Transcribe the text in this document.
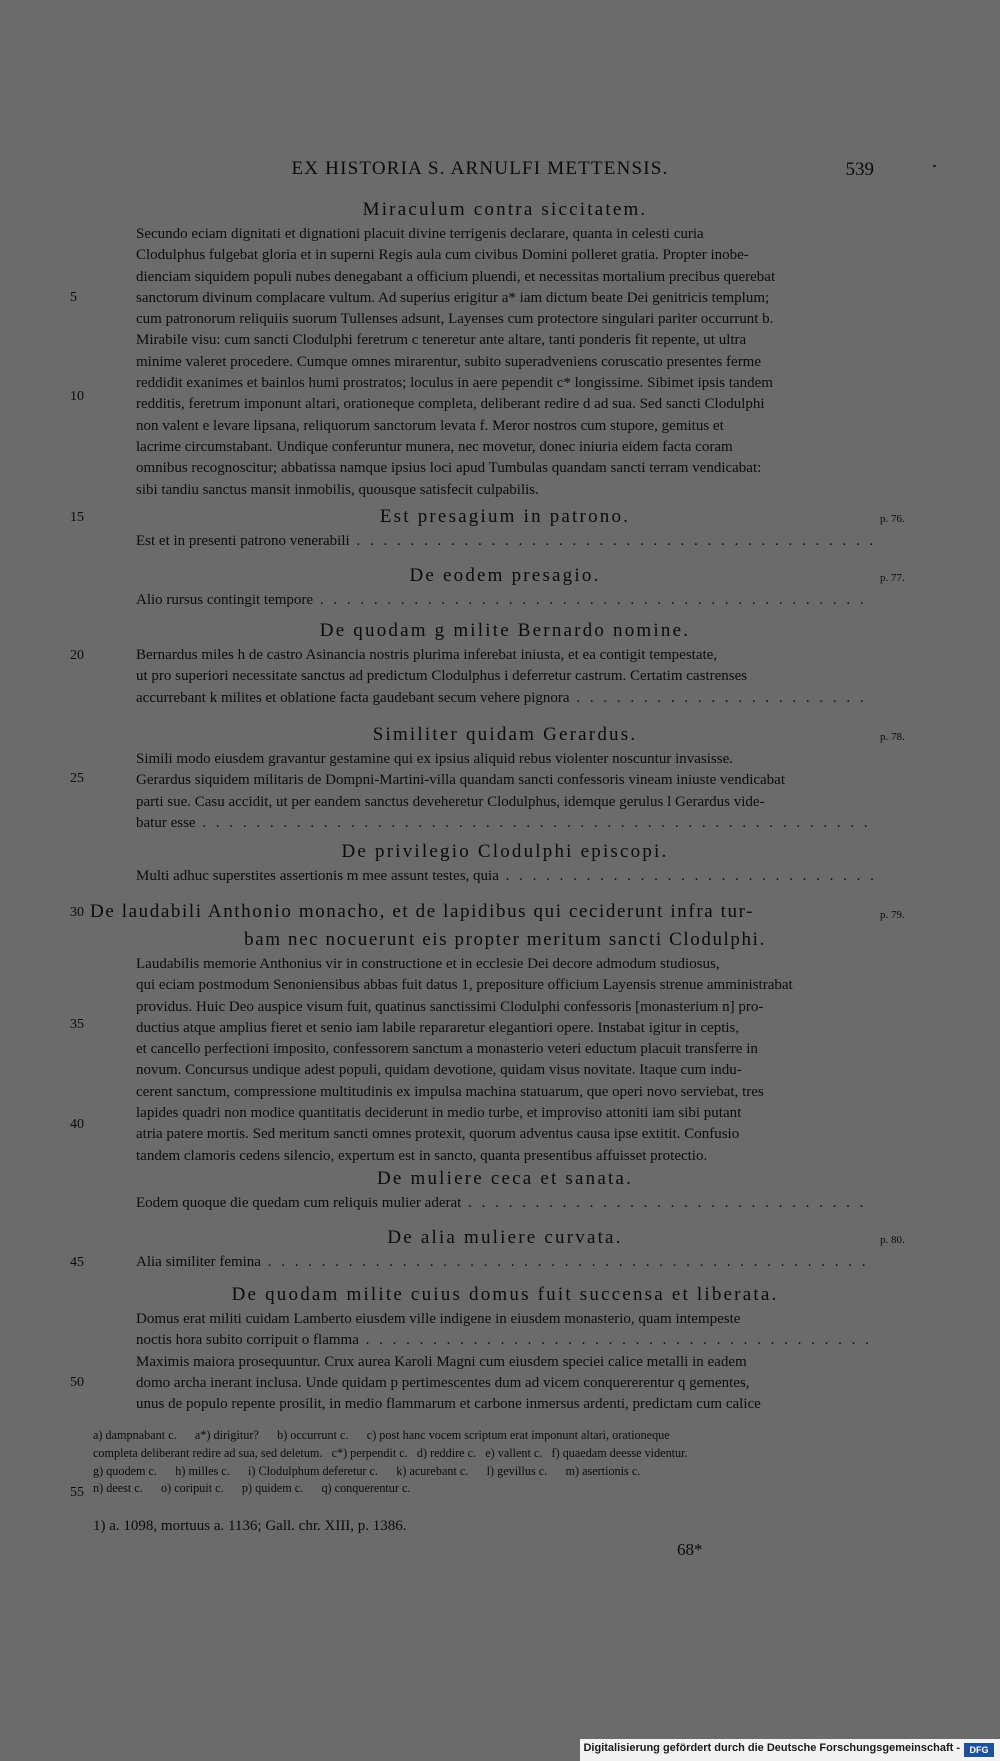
EX HISTORIA S. ARNULFI METTENSIS.	539
Miraculum contra siccitatem.
Secundo eciam dignitati et dignationi placuit divine terrigenis declarare, quanta in celesti curia
Clodulphus fulgebat gloria et in superni Regis aula cum civibus Domini polleret gratia. Propter inobe-
dienciam siquidem populi nubes denegabant a officium pluendi, et necessitas mortalium precibus querebat
sanctorum divinum complacare vultum. Ad superius erigitur a* iam dictum beate Dei genitricis templum;
cum patronorum reliquiis suorum Tullenses adsunt, Layenses cum protectore singulari pariter occurrunt b.
Mirabile visu: cum sancti Clodulphi feretrum c teneretur ante altare, tanti ponderis fit repente, ut ultra
minime valeret procedere. Cumque omnes mirarentur, subito superadveniens coruscatio presentes ferme
reddidit exanimes et bainlos humi prostratos; loculus in aere pependit c* longissime. Sibimet ipsis tandem
redditis, feretrum imponunt altari, orationeque completa, deliberant redire d ad sua. Sed sancti Clodulphi
non valent e levare lipsana, reliquorum sanctorum levata f. Meror nostros cum stupore, gemitus et
lacrime circumstabant. Undique conferuntur munera, nec movetur, donec iniuria eidem facta coram
omnibus recognoscitur; abbatissa namque ipsius loci apud Tumbulas quandam sancti terram vendicabat:
sibi tandiu sanctus mansit inmobilis, quousque satisfecit culpabilis.
Est presagium in patrono.
Est et in presenti patrono venerabili . . .
p. 76.
De eodem presagio.
Alio rursus contingit tempore . . .
p. 77.
De quodam g milite Bernardo nomine.
Bernardus miles h de castro Asinancia nostris plurima inferebat iniusta, et ea contigit tempestate,
ut pro superiori necessitate sanctus ad predictum Clodulphus i deferretur castrum. Certatim castrenses
accurrebant k milites et oblatione facta gaudebant secum vehere pignora . . .
Similiter quidam Gerardus.
Simili modo eiusdem gravantur gestamine qui ex ipsius aliquid rebus violenter noscuntur invasisse.
Gerardus siquidem militaris de Dompni-Martini-villa quandam sancti confessoris vineam iniuste vendicabat
parti sue. Casu accidit, ut per eandem sanctus deveheretur Clodulphus, idemque gerulus l Gerardus vide-
batur esse . . .
p. 78.
De privilegio Clodulphi episcopi.
Multi adhuc superstites assertionis m mee assunt testes, quia . . .
De laudabili Anthonio monacho, et de lapidibus qui ceciderunt infra tur-
bam nec nocuerunt eis propter meritum sancti Clodulphi.
Laudabilis memorie Anthonius vir in constructione et in ecclesie Dei decore admodum studiosus,
qui eciam postmodum Senoniensibus abbas fuit datus 1, prepositure officium Layensis strenue amministrabat
providus. Huic Deo auspice visum fuit, quatinus sanctissimi Clodulphi confessoris [monasterium n] pro-
ductius atque amplius fieret et senio iam labile repararetur elegantiori opere. Instabat igitur in ceptis,
et cancello perfectioni imposito, confessorem sanctum a monasterio veteri eductum placuit transferre in
novum. Concursus undique adest populi, quidam devotione, quidam visus novitate. Itaque cum indu-
cerent sanctum, compressione multitudinis ex impulsa machina statuarum, que operi novo serviebat, tres
lapides quadri non modice quantitatis deciderunt in medio turbe, et improviso attoniti iam sibi putant
atria patere mortis. Sed meritum sancti omnes protexit, quorum adventus causa ipse extitit. Confusio
tandem clamoris cedens silencio, expertum est in sancto, quanta presentibus affuisset protectio.
p. 79.
De muliere ceca et sanata.
Eodem quoque die quedam cum reliquis mulier aderat . . .
De alia muliere curvata.
Alia similiter femina . . .
p. 80.
De quodam milite cuius domus fuit succensa et liberata.
Domus erat militi cuidam Lamberto eiusdem ville indigene in eiusdem monasterio, quam intempeste
noctis hora subito corripuit o flamma . . .
Maximis maiora prosequuntur. Crux aurea Karoli Magni cum eiusdem speciei calice metalli in eadem
domo archa inerant inclusa. Unde quidam p pertimescentes dum ad vicem conquererentur q gementes,
unus de populo repente prosilit, in medio flammarum et carbone inmersus ardenti, predictam cum calice
5
10
15
20
25
30
35
40
45
50
55

a) dampnabant c.      a*) dirigitur?      b) occurrunt c.      c) post hanc vocem scriptum erat imponunt altari, orationeque

completa deliberant redire ad sua, sed deletum.   c*) perpendit c.   d) reddire c.   e) vallent c.   f) quaedam deesse videntur.

g) quodem c.      h) milles c.      i) Clodulphum deferetur c.      k) acurebant c.      l) gevillus c.      m) asertionis c.

n) deest c.      o) coripuit c.      p) quidem c.      q) conquerentur c.

1) a. 1098, mortuus a. 1136; Gall. chr. XIII, p. 1386.
68*
Digitalisierung gefördert durch die Deutsche Forschungsgemeinschaft -	DFG
